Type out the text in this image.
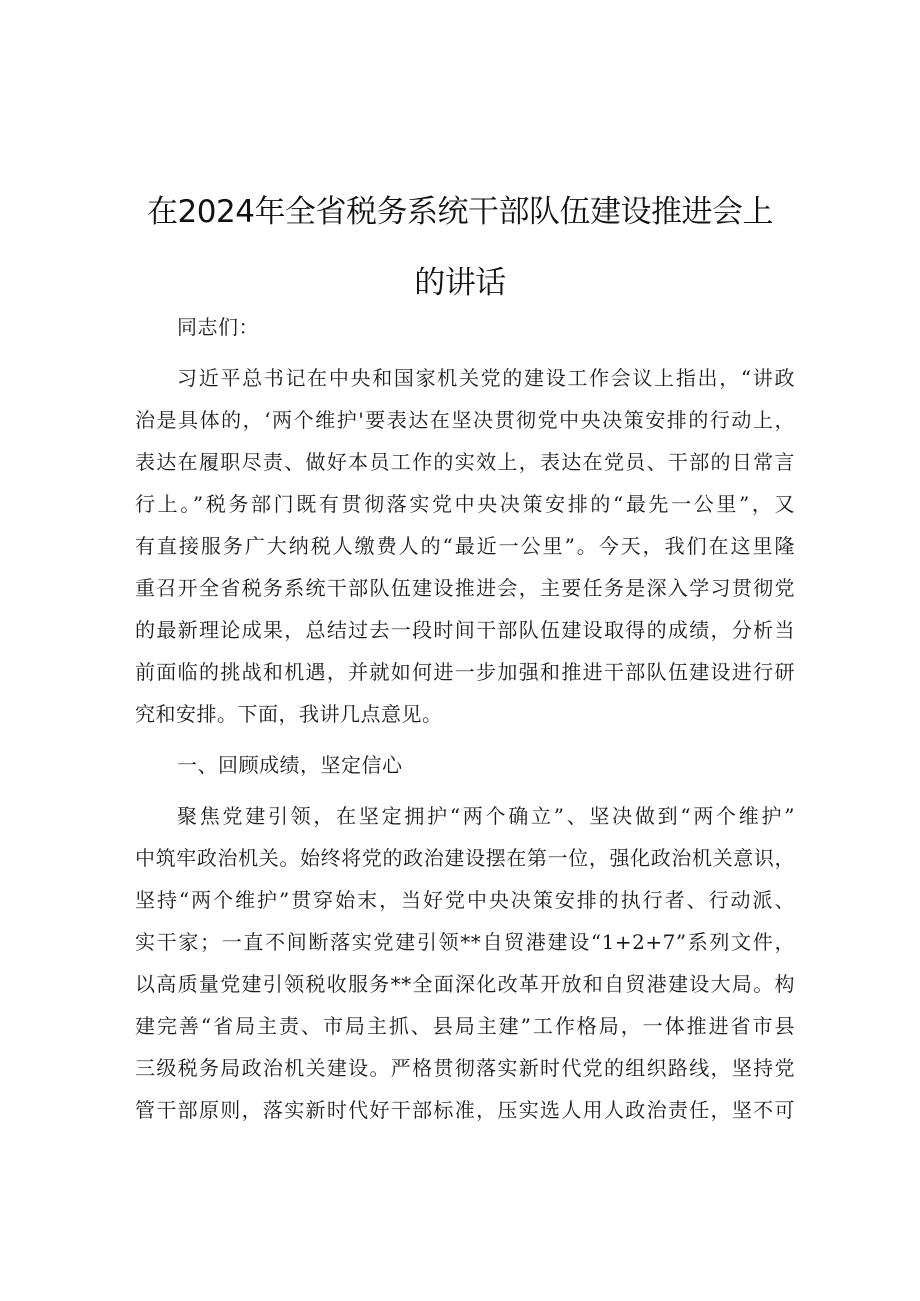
在2024年全省税务系统干部队伍建设推进会上
的讲话

同志们：

习近平总书记在中央和国家机关党的建设工作会议上指出，“讲政

治是具体的，‘两个维护'要表达在坚决贯彻党中央决策安排的行动上，

表达在履职尽责、做好本员工作的实效上，表达在党员、干部的日常言

行上。”税务部门既有贯彻落实党中央决策安排的“最先一公里”，又

有直接服务广大纳税人缴费人的“最近一公里”。今天，我们在这里隆

重召开全省税务系统干部队伍建设推进会，主要任务是深入学习贯彻党

的最新理论成果，总结过去一段时间干部队伍建设取得的成绩，分析当

前面临的挑战和机遇，并就如何进一步加强和推进干部队伍建设进行研

究和安排。下面，我讲几点意见。

一、回顾成绩，坚定信心

聚焦党建引领，在坚定拥护“两个确立”、坚决做到“两个维护”

中筑牢政治机关。始终将党的政治建设摆在第一位，强化政治机关意识，

坚持“两个维护”贯穿始末，当好党中央决策安排的执行者、行动派、

实干家；一直不间断落实党建引领**自贸港建设“1+2+7”系列文件，

以高质量党建引领税收服务**全面深化改革开放和自贸港建设大局。构

建完善“省局主责、市局主抓、县局主建”工作格局，一体推进省市县

三级税务局政治机关建设。严格贯彻落实新时代党的组织路线，坚持党

管干部原则，落实新时代好干部标准，压实选人用人政治责任，坚不可
